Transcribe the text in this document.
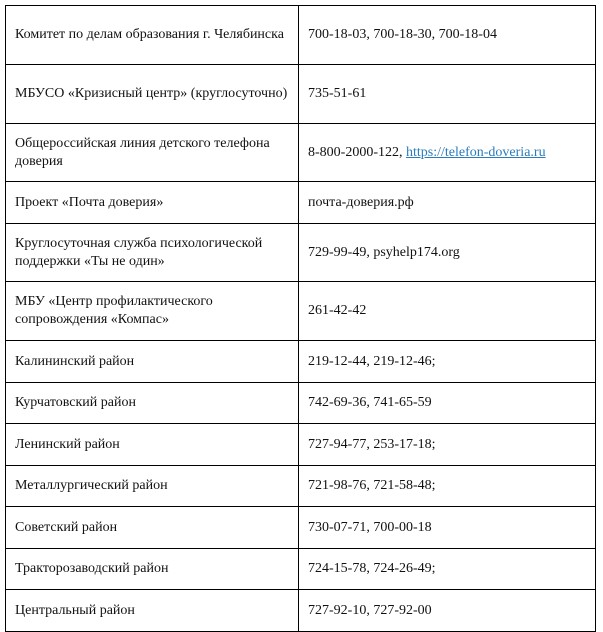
Комитет по делам образования г. Челябинска	700-18-03, 700-18-30, 700-18-04
МБУСО «Кризисный центр» (круглосуточно)	735-51-61
Общероссийская линия детского телефона доверия	8-800-2000-122, https://telefon-doveria.ru
Проект «Почта доверия»	почта-доверия.рф
Круглосуточная служба психологической поддержки «Ты не один»	729-99-49, psyhelp174.org
МБУ «Центр профилактического сопровождения «Компас»	261-42-42
Калининский район	219-12-44, 219-12-46;
Курчатовский район	742-69-36, 741-65-59
Ленинский район	727-94-77, 253-17-18;
Металлургический район	721-98-76, 721-58-48;
Советский район	730-07-71, 700-00-18
Тракторозаводский район	724-15-78, 724-26-49;
Центральный район	727-92-10, 727-92-00
